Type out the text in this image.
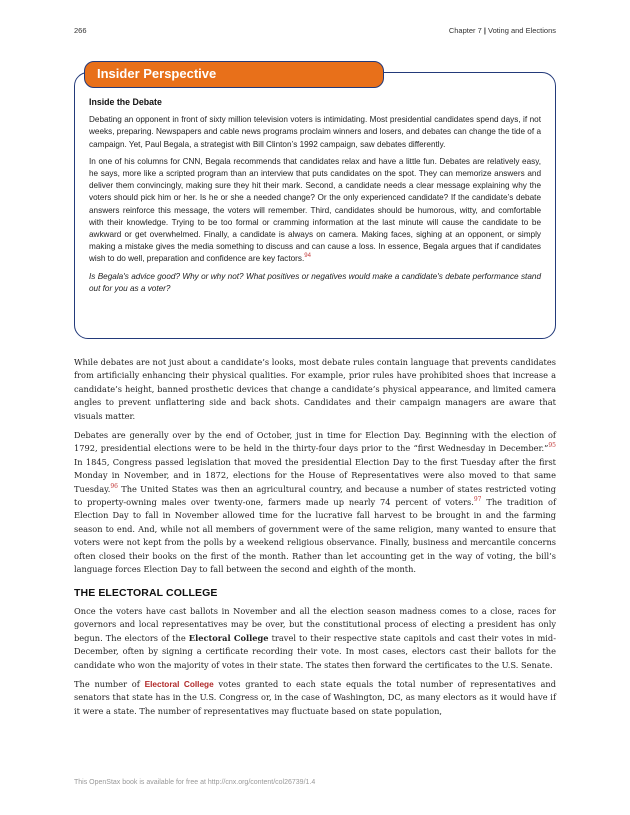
266	Chapter 7 | Voting and Elections
Insider Perspective
Inside the Debate

Debating an opponent in front of sixty million television voters is intimidating. Most presidential candidates spend days, if not weeks, preparing. Newspapers and cable news programs proclaim winners and losers, and debates can change the tide of a campaign. Yet, Paul Begala, a strategist with Bill Clinton’s 1992 campaign, saw debates differently.

In one of his columns for CNN, Begala recommends that candidates relax and have a little fun. Debates are relatively easy, he says, more like a scripted program than an interview that puts candidates on the spot. They can memorize answers and deliver them convincingly, making sure they hit their mark. Second, a candidate needs a clear message explaining why the voters should pick him or her. Is he or she a needed change? Or the only experienced candidate? If the candidate’s debate answers reinforce this message, the voters will remember. Third, candidates should be humorous, witty, and comfortable with their knowledge. Trying to be too formal or cramming information at the last minute will cause the candidate to be awkward or get overwhelmed. Finally, a candidate is always on camera. Making faces, sighing at an opponent, or simply making a mistake gives the media something to discuss and can cause a loss. In essence, Begala argues that if candidates wish to do well, preparation and confidence are key factors.$^{94}$

Is Begala's advice good? Why or why not? What positives or negatives would make a candidate's debate performance stand out for you as a voter?

While debates are not just about a candidate’s looks, most debate rules contain language that prevents candidates from artificially enhancing their physical qualities. For example, prior rules have prohibited shoes that increase a candidate’s height, banned prosthetic devices that change a candidate’s physical appearance, and limited camera angles to prevent unflattering side and back shots. Candidates and their campaign managers are aware that visuals matter.

Debates are generally over by the end of October, just in time for Election Day. Beginning with the election of 1792, presidential elections were to be held in the thirty-four days prior to the “first Wednesday in December.”$^{95}$ In 1845, Congress passed legislation that moved the presidential Election Day to the first Tuesday after the first Monday in November, and in 1872, elections for the House of Representatives were also moved to that same Tuesday.$^{96}$ The United States was then an agricultural country, and because a number of states restricted voting to property-owning males over twenty-one, farmers made up nearly 74 percent of voters.$^{97}$ The tradition of Election Day to fall in November allowed time for the lucrative fall harvest to be brought in and the farming season to end. And, while not all members of government were of the same religion, many wanted to ensure that voters were not kept from the polls by a weekend religious observance. Finally, business and mercantile concerns often closed their books on the first of the month. Rather than let accounting get in the way of voting, the bill’s language forces Election Day to fall between the second and eighth of the month.

THE ELECTORAL COLLEGE

Once the voters have cast ballots in November and all the election season madness comes to a close, races for governors and local representatives may be over, but the constitutional process of electing a president has only begun. The electors of the Electoral College travel to their respective state capitols and cast their votes in mid-December, often by signing a certificate recording their vote. In most cases, electors cast their ballots for the candidate who won the majority of votes in their state. The states then forward the certificates to the U.S. Senate.

The number of Electoral College votes granted to each state equals the total number of representatives and senators that state has in the U.S. Congress or, in the case of Washington, DC, as many electors as it would have if it were a state. The number of representatives may fluctuate based on state population,

This OpenStax book is available for free at http://cnx.org/content/col26739/1.4
